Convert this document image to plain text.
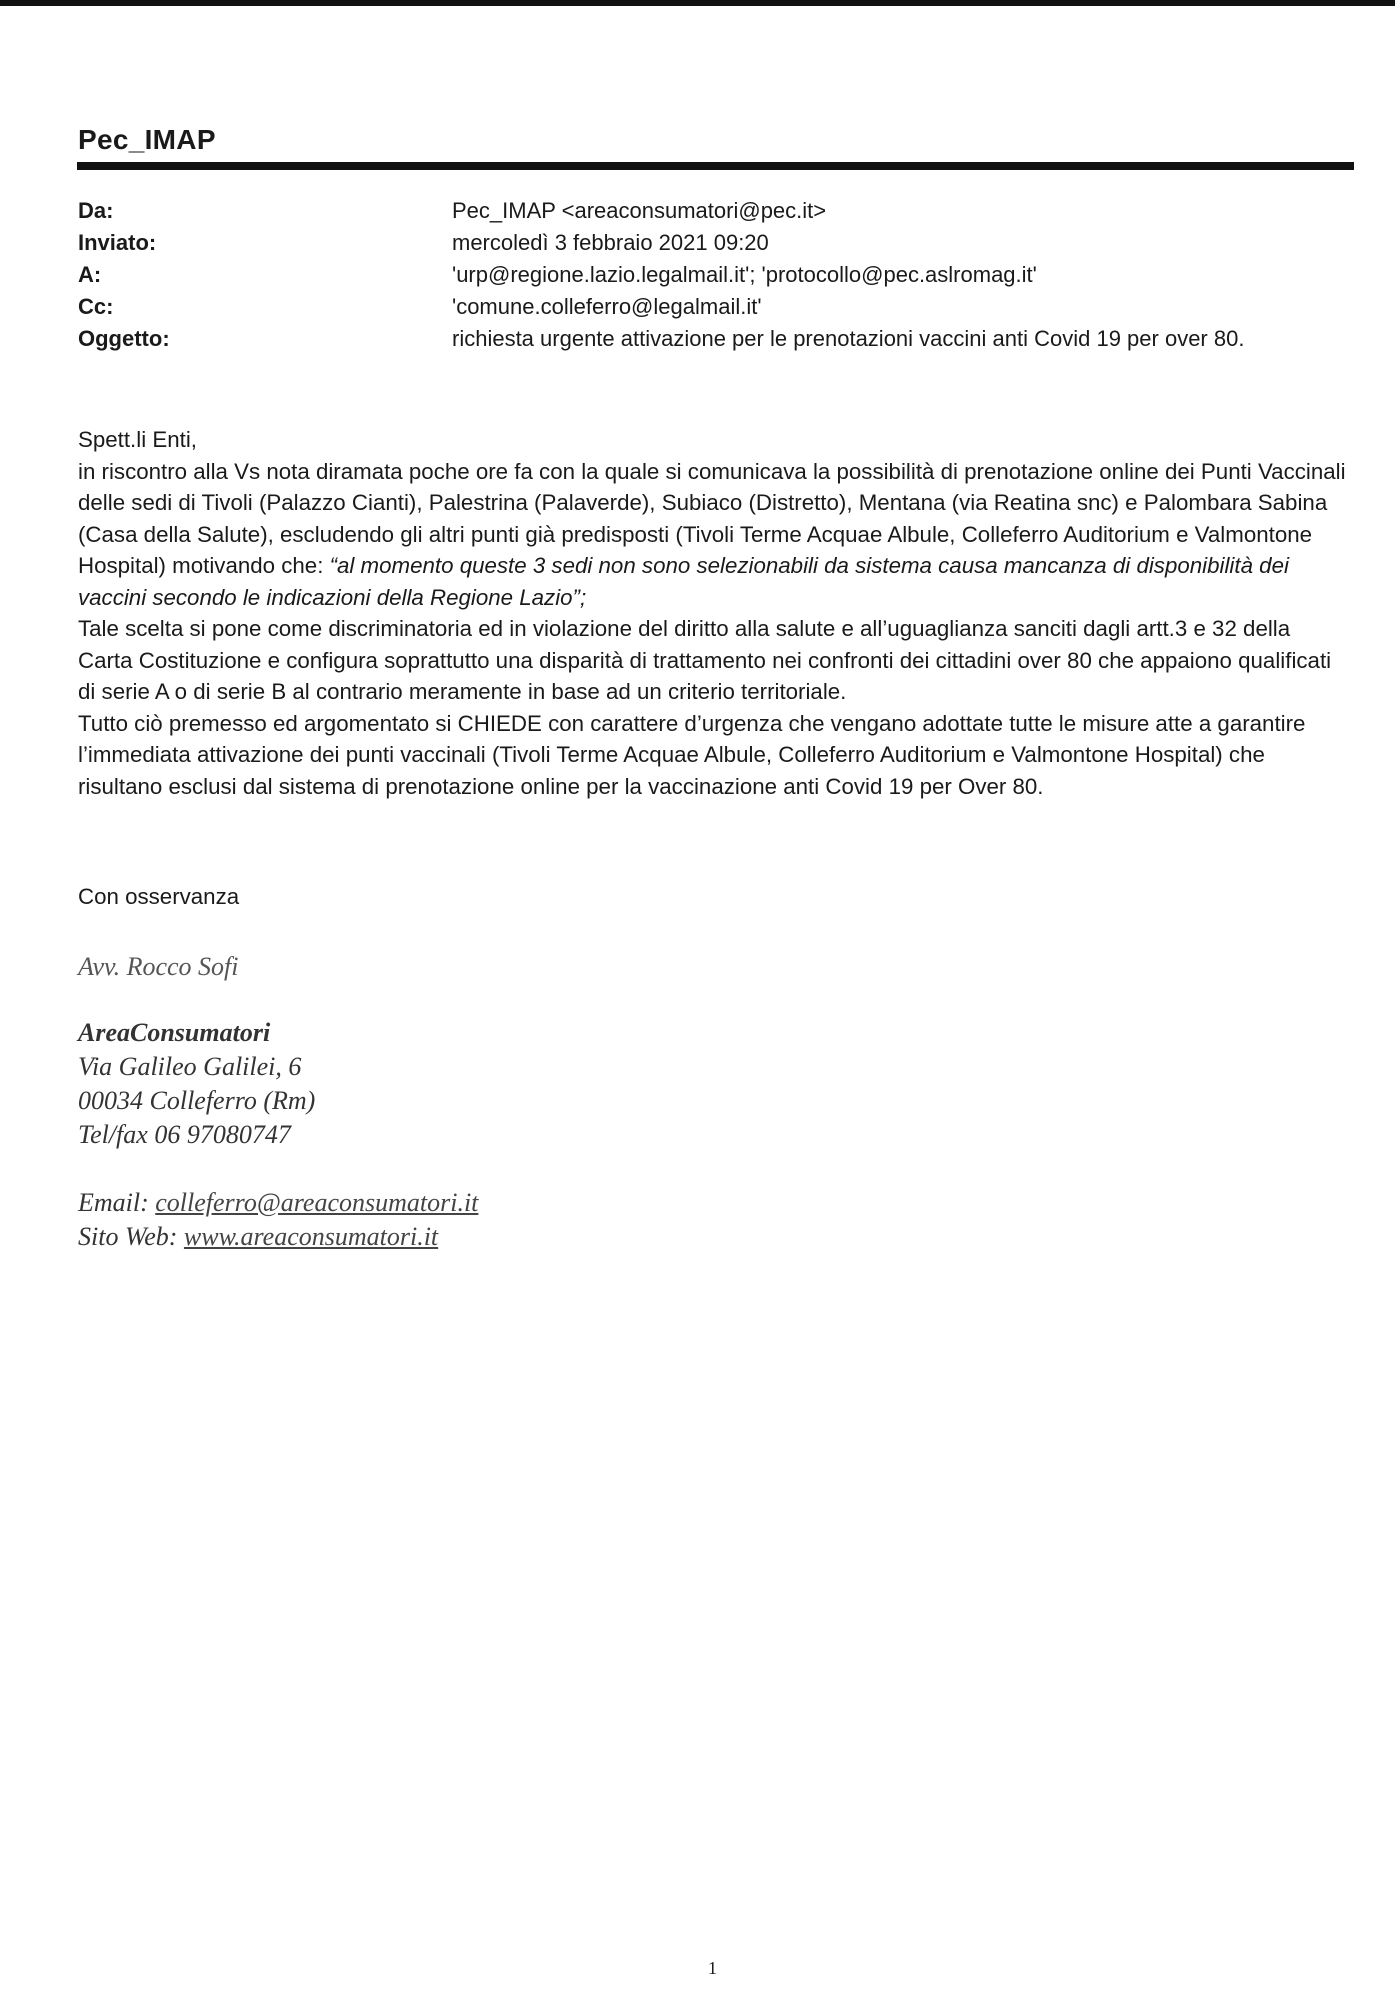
Pec_IMAP
Da:	Pec_IMAP <areaconsumatori@pec.it>
Inviato:	mercoledì 3 febbraio 2021 09:20
A:	'urp@regione.lazio.legalmail.it'; 'protocollo@pec.aslromag.it'
Cc:	'comune.colleferro@legalmail.it'
Oggetto:	richiesta urgente attivazione per le prenotazioni vaccini anti Covid 19 per over 80.

Spett.li Enti,

in riscontro alla Vs nota diramata poche ore fa con la quale si comunicava la possibilità di prenotazione online dei Punti Vaccinali delle sedi di Tivoli (Palazzo Cianti), Palestrina (Palaverde), Subiaco (Distretto), Mentana (via Reatina snc) e Palombara Sabina (Casa della Salute), escludendo gli altri punti già predisposti (Tivoli Terme Acquae Albule, Colleferro Auditorium e Valmontone Hospital) motivando che: “al momento queste 3 sedi non sono selezionabili da sistema causa mancanza di disponibilità dei vaccini secondo le indicazioni della Regione Lazio”;

Tale scelta si pone come discriminatoria ed in violazione del diritto alla salute e all’uguaglianza sanciti dagli artt.3 e 32 della Carta Costituzione e configura soprattutto una disparità di trattamento nei confronti dei cittadini over 80 che appaiono qualificati di serie A o di serie B al contrario meramente in base ad un criterio territoriale.

Tutto ciò premesso ed argomentato si CHIEDE con carattere d’urgenza che vengano adottate tutte le misure atte a garantire l’immediata attivazione dei punti vaccinali (Tivoli Terme Acquae Albule, Colleferro Auditorium e Valmontone Hospital) che risultano esclusi dal sistema di prenotazione online per la vaccinazione anti Covid 19 per Over 80.

Con osservanza
Avv. Rocco Sofi
AreaConsumatori
Via Galileo Galilei, 6
00034 Colleferro (Rm)
Tel/fax 06 97080747
Email: colleferro@areaconsumatori.it
Sito Web: www.areaconsumatori.it
1
